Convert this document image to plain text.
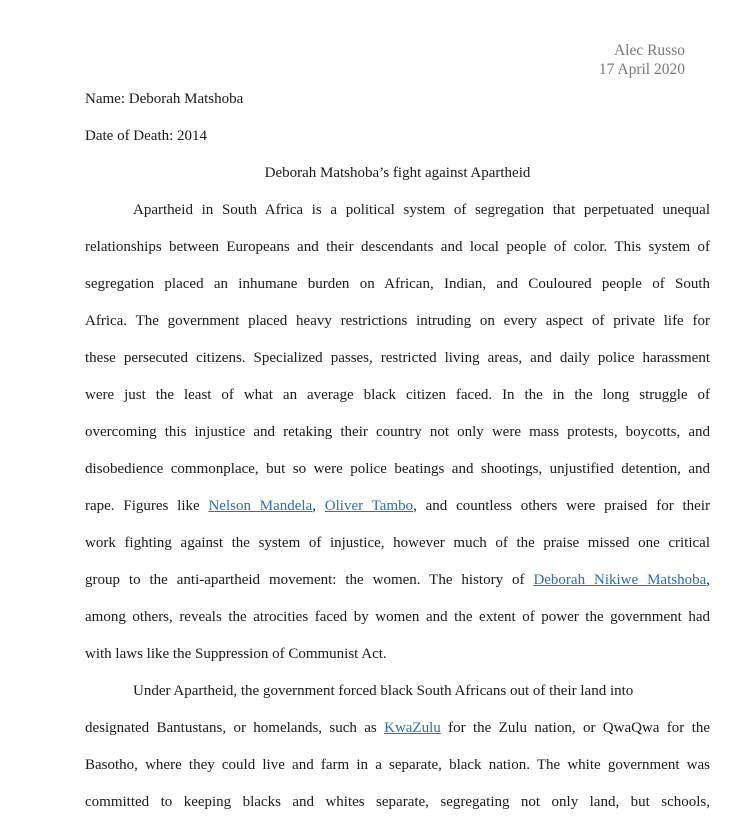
Alec Russo
17 April 2020
Name: Deborah Matshoba
Date of Death: 2014
Deborah Matshoba’s fight against Apartheid
Apartheid in South Africa is a political system of segregation that perpetuated unequal
relationships between Europeans and their descendants and local people of color. This system of
segregation placed an inhumane burden on African, Indian, and Couloured people of South
Africa. The government placed heavy restrictions intruding on every aspect of private life for
these persecuted citizens. Specialized passes, restricted living areas, and daily police harassment
were just the least of what an average black citizen faced. In the in the long struggle of
overcoming this injustice and retaking their country not only were mass protests, boycotts, and
disobedience commonplace, but so were police beatings and shootings, unjustified detention, and
rape. Figures like Nelson Mandela, Oliver Tambo, and countless others were praised for their
work fighting against the system of injustice, however much of the praise missed one critical
group to the anti-apartheid movement: the women. The history of Deborah Nikiwe Matshoba,
among others, reveals the atrocities faced by women and the extent of power the government had
with laws like the Suppression of Communist Act.
Under Apartheid, the government forced black South Africans out of their land into
designated Bantustans, or homelands, such as KwaZulu for the Zulu nation, or QwaQwa for the
Basotho, where they could live and farm in a separate, black nation. The white government was
committed to keeping blacks and whites separate, segregating not only land, but schools,
